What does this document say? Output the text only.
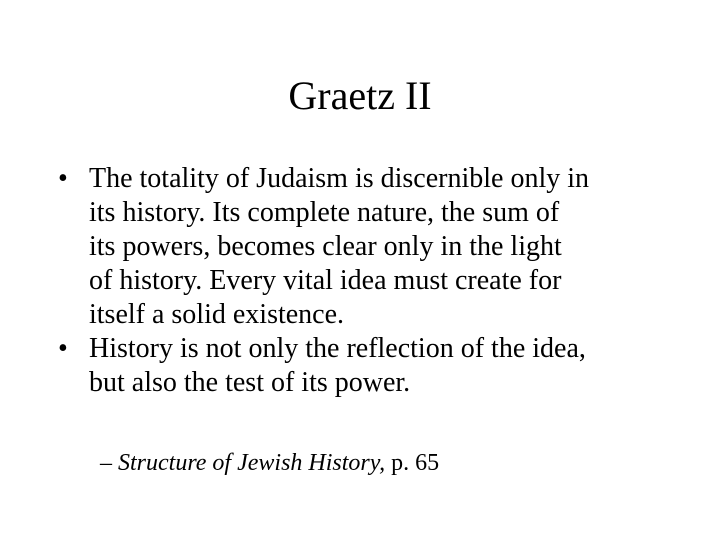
Graetz II
• The totality of Judaism is discernible only in
its history. Its complete nature, the sum of
its powers, becomes clear only in the light
of history. Every vital idea must create for
itself a solid existence.
• History is not only the reflection of the idea,
but also the test of its power.
– Structure of Jewish History, p. 65
